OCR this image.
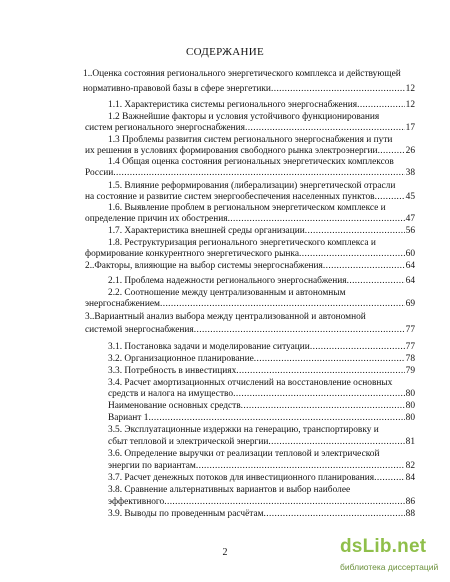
СОДЕРЖАНИЕ
1..Оценка состояния регионального энергетического комплекса и действующей
нормативно-правовой базы в сфере энергетики .....	12
1.1. Характеристика системы регионального энергоснабжения .....	12
1.2 Важнейшие факторы и условия устойчивого функционирования
систем регионального энергоснабжения .....	17
1.3 Проблемы развития систем регионального энергоснабжения и пути
их решения в условиях формирования свободного рынка электроэнергии .....	26
1.4 Общая оценка состояния региональных энергетических комплексов
России .....	38
1.5. Влияние реформирования (либерализации) энергетической отрасли
на состояние и развитие систем энергообеспечения населенных пунктов .....	45
1.6. Выявление проблем в региональном энергетическом комплексе и
определение причин их обострения .....	47
1.7. Характеристика внешней среды организации .....	56
1.8. Реструктуризация регионального энергетического комплекса и
формирование конкурентного энергетического рынка .....	60
2..Факторы, влияющие на выбор системы энергоснабжения .....	64
2.1. Проблема надежности регионального энергоснабжения .....	64
2.2. Соотношение между централизованным и автономным
энергоснабжением .....	69
3..Вариантный анализ выбора между централизованной и автономной
системой энергоснабжения .....	77
3.1. Постановка задачи и моделирование ситуации .....	77
3.2. Организационное планирование .....	78
3.3. Потребность в инвестициях .....	79
3.4. Расчет амортизационных отчислений на восстановление основных
средств и налога на имущество .....	80
Наименование основных средств .....	80
Вариант 1 .....	80
3.5. Эксплуатационные издержки на генерацию, транспортировку и
сбыт тепловой и электрической энергии .....	81
3.6. Определение выручки от реализации тепловой и электрической
энергии по вариантам .....	82
3.7. Расчет денежных потоков для инвестиционного планирования .....	84
3.8. Сравнение альтернативных вариантов и выбор наиболее
эффективного .....	86
3.9. Выводы по проведенным расчётам .....	88
2	dsLib.net
библиотека диссертаций
